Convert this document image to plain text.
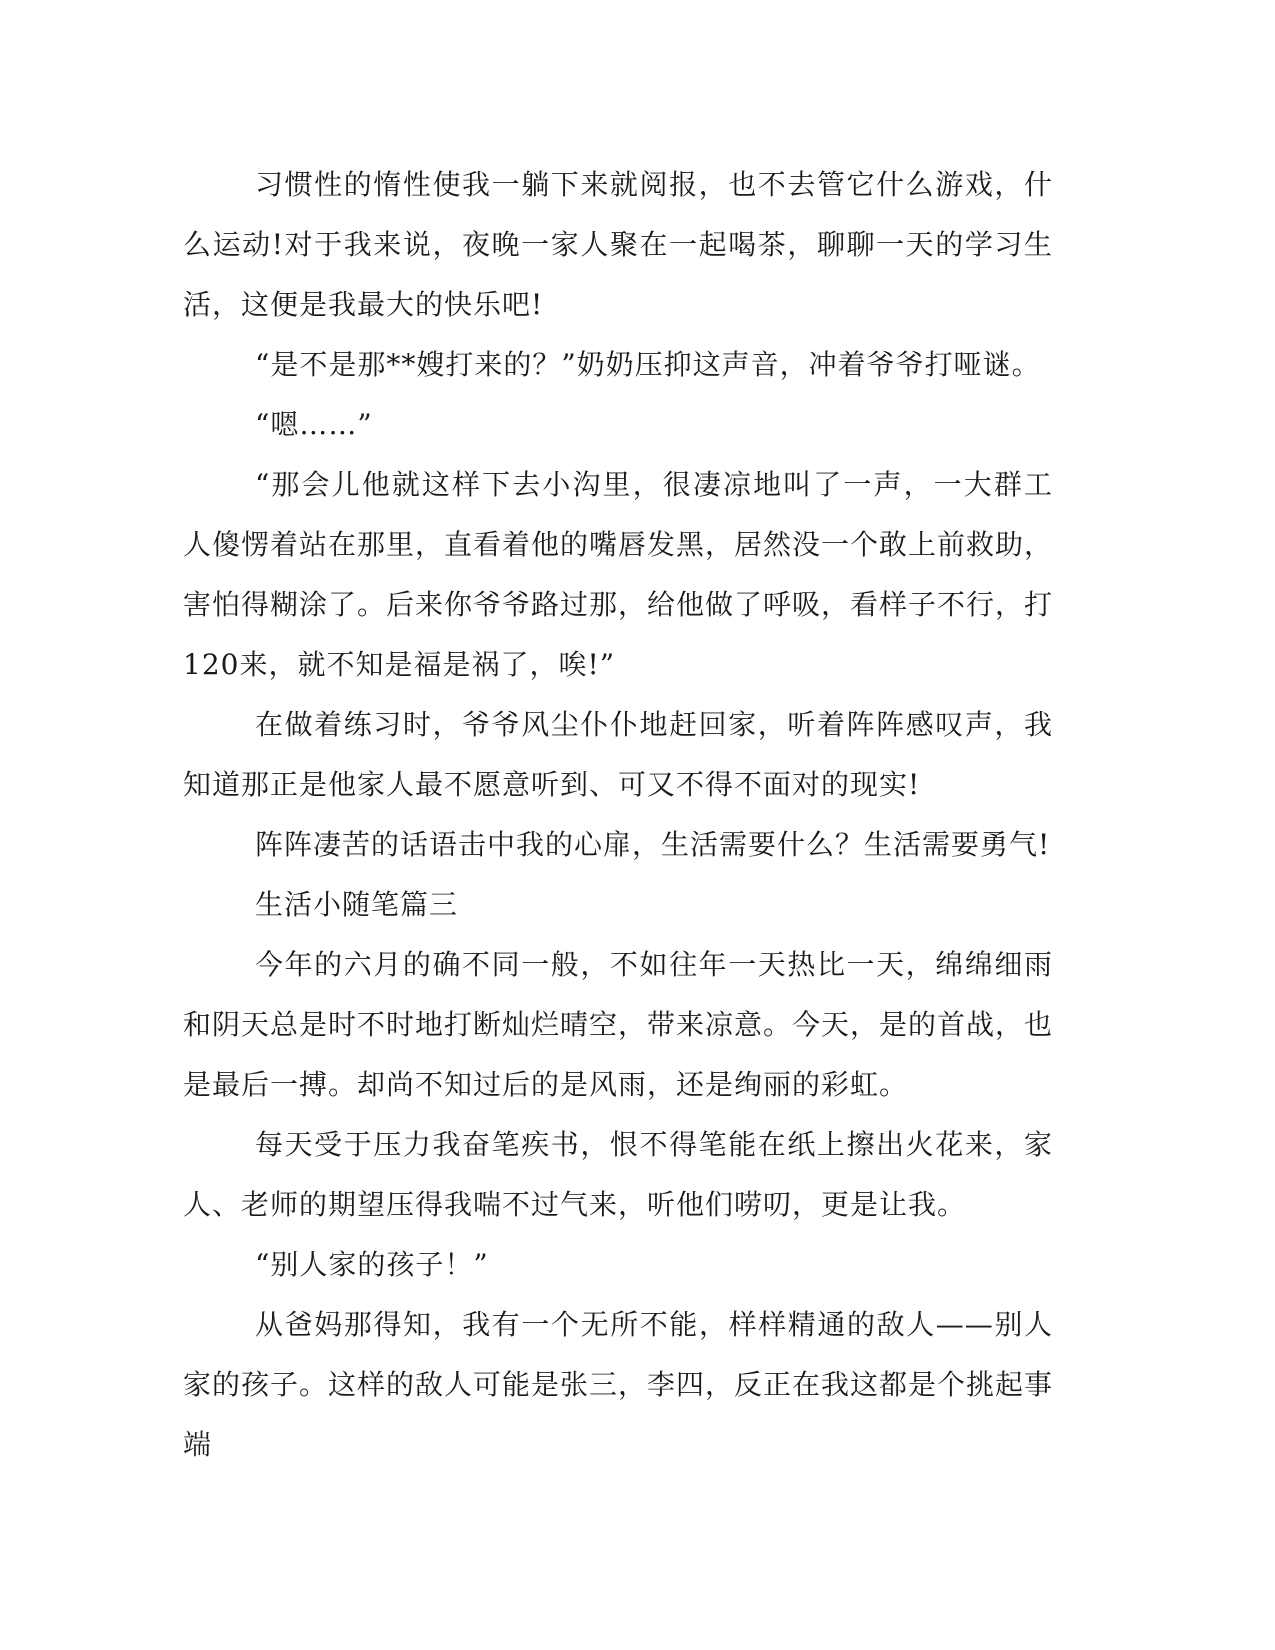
习惯性的惰性使我一躺下来就阅报，也不去管它什么游戏，什么运动!对于我来说，夜晚一家人聚在一起喝茶，聊聊一天的学习生活，这便是我最大的快乐吧!

“是不是那**嫂打来的？”奶奶压抑这声音，冲着爷爷打哑谜。

“嗯……”

“那会儿他就这样下去小沟里，很凄凉地叫了一声，一大群工人傻愣着站在那里，直看着他的嘴唇发黑，居然没一个敢上前救助，害怕得糊涂了。后来你爷爷路过那，给他做了呼吸，看样子不行，打120来，就不知是福是祸了，唉!”

在做着练习时，爷爷风尘仆仆地赶回家，听着阵阵感叹声，我知道那正是他家人最不愿意听到、可又不得不面对的现实!

阵阵凄苦的话语击中我的心扉，生活需要什么？生活需要勇气!

生活小随笔篇三

今年的六月的确不同一般，不如往年一天热比一天，绵绵细雨和阴天总是时不时地打断灿烂晴空，带来凉意。今天，是的首战，也是最后一搏。却尚不知过后的是风雨，还是绚丽的彩虹。

每天受于压力我奋笔疾书，恨不得笔能在纸上擦出火花来，家人、老师的期望压得我喘不过气来，听他们唠叨，更是让我。

“别人家的孩子！”

从爸妈那得知，我有一个无所不能，样样精通的敌人——别人家的孩子。这样的敌人可能是张三，李四，反正在我这都是个挑起事端
